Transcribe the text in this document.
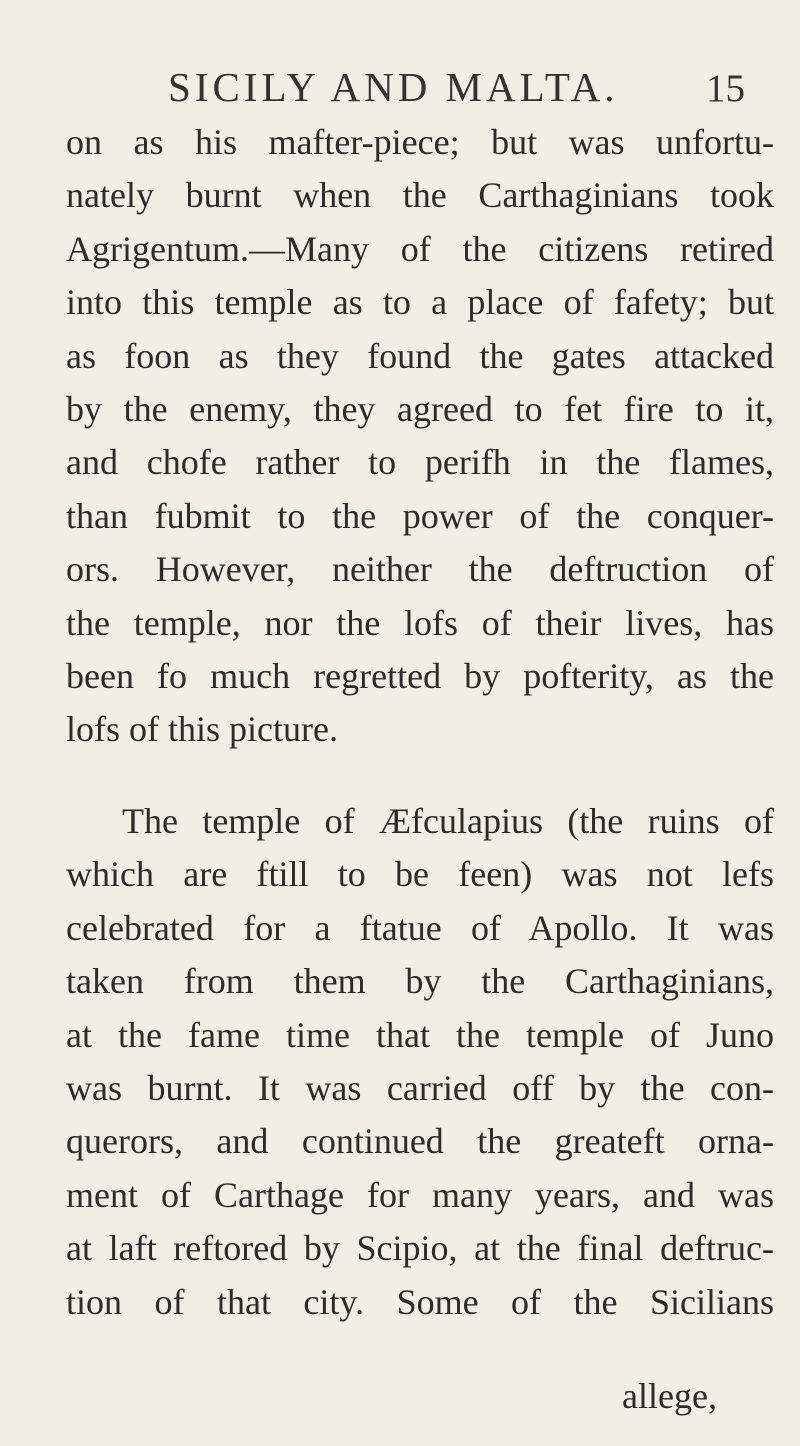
SICILY AND MALTA. 15
on as his mafter-piece; but was unfortu-
nately burnt when the Carthaginians took
Agrigentum.—Many of the citizens retired
into this temple as to a place of fafety; but
as foon as they found the gates attacked
by the enemy, they agreed to fet fire to it,
and chofe rather to perifh in the flames,
than fubmit to the power of the conquer-
ors. However, neither the deftruction of
the temple, nor the lofs of their lives, has
been fo much regretted by pofterity, as the
lofs of this picture.
The temple of Æfculapius (the ruins of
which are ftill to be feen) was not lefs
celebrated for a ftatue of Apollo. It was
taken from them by the Carthaginians,
at the fame time that the temple of Juno
was burnt. It was carried off by the con-
querors, and continued the greateft orna-
ment of Carthage for many years, and was
at laft reftored by Scipio, at the final deftruc-
tion of that city. Some of the Sicilians
allege,
